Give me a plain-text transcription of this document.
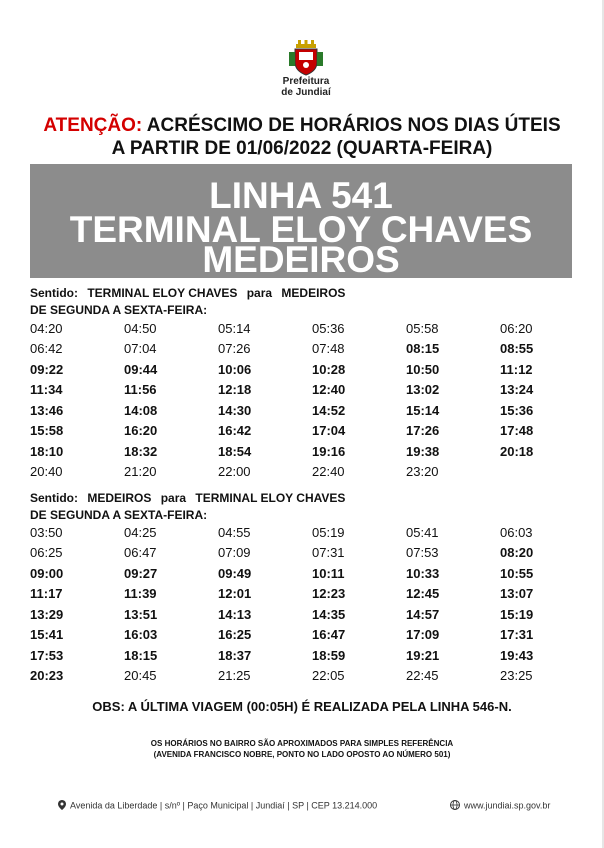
Prefeitura
de Jundiaí
ATENÇÃO: ACRÉSCIMO DE HORÁRIOS NOS DIAS ÚTEIS
A PARTIR DE 01/06/2022 (QUARTA-FEIRA)
LINHA 541
TERMINAL ELOY CHAVES
MEDEIROS
Sentido: TERMINAL ELOY CHAVES para MEDEIROS
DE SEGUNDA A SEXTA-FEIRA:
04:20	04:50	05:14	05:36	05:58	06:20
06:42	07:04	07:26	07:48	08:15	08:55
09:22	09:44	10:06	10:28	10:50	11:12
11:34	11:56	12:18	12:40	13:02	13:24
13:46	14:08	14:30	14:52	15:14	15:36
15:58	16:20	16:42	17:04	17:26	17:48
18:10	18:32	18:54	19:16	19:38	20:18
20:40	21:20	22:00	22:40	23:20	
Sentido: MEDEIROS para TERMINAL ELOY CHAVES
DE SEGUNDA A SEXTA-FEIRA:
03:50	04:25	04:55	05:19	05:41	06:03
06:25	06:47	07:09	07:31	07:53	08:20
09:00	09:27	09:49	10:11	10:33	10:55
11:17	11:39	12:01	12:23	12:45	13:07
13:29	13:51	14:13	14:35	14:57	15:19
15:41	16:03	16:25	16:47	17:09	17:31
17:53	18:15	18:37	18:59	19:21	19:43
20:23	20:45	21:25	22:05	22:45	23:25
OBS: A ÚLTIMA VIAGEM (00:05H) É REALIZADA PELA LINHA 546-N.
OS HORÁRIOS NO BAIRRO SÃO APROXIMADOS PARA SIMPLES REFERÊNCIA
(AVENIDA FRANCISCO NOBRE, PONTO NO LADO OPOSTO AO NÚMERO 501)
Avenida da Liberdade | s/nº | Paço Municipal | Jundiaí | SP | CEP 13.214.000	www.jundiai.sp.gov.br
